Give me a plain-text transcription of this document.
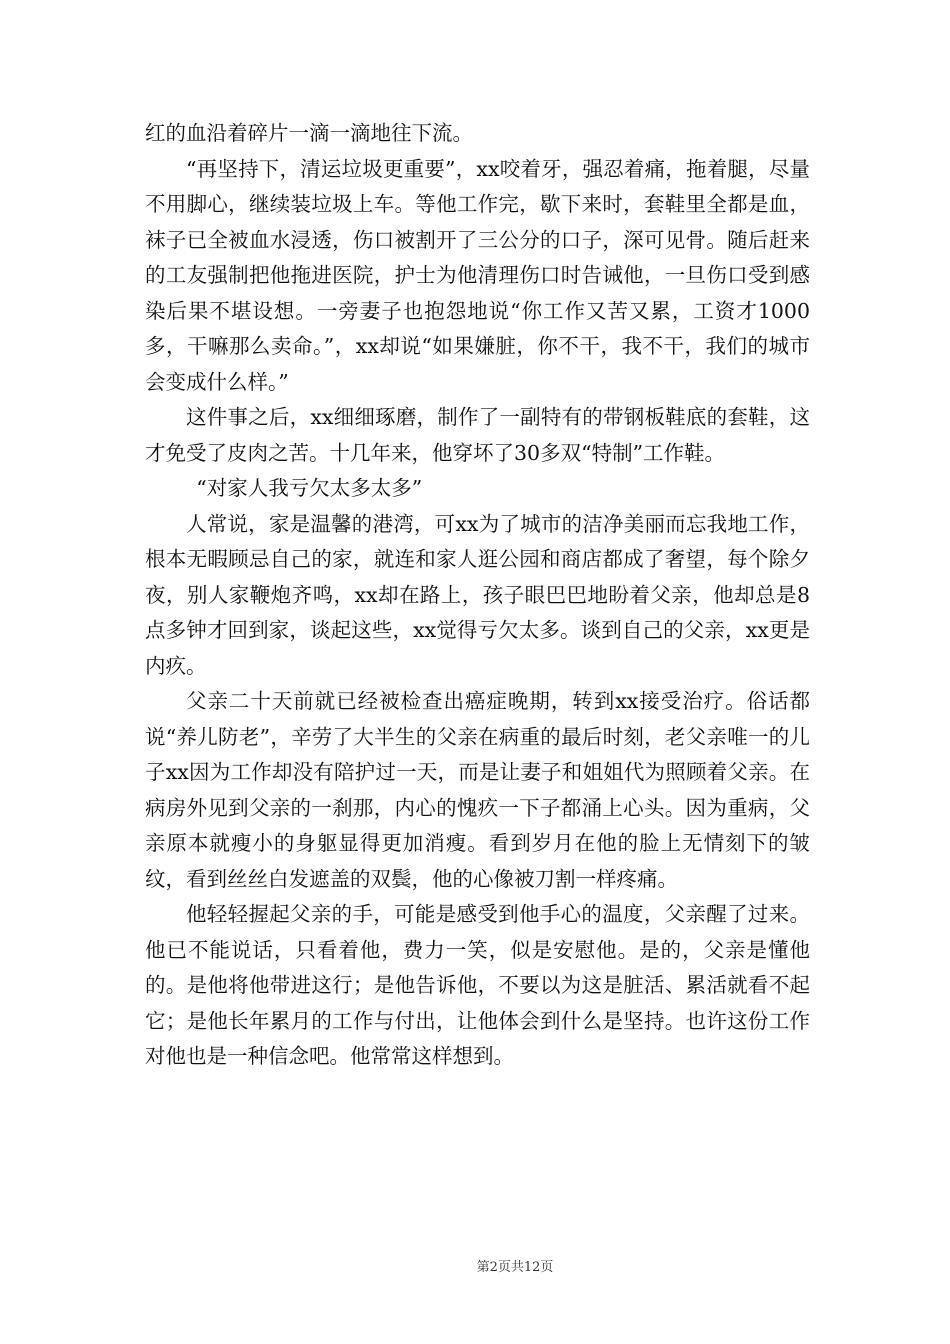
红的血沿着碎片一滴一滴地往下流。

“再坚持下，清运垃圾更重要”，xx咬着牙，强忍着痛，拖着腿，尽量不用脚心，继续装垃圾上车。等他工作完，歇下来时，套鞋里全都是血，袜子已全被血水浸透，伤口被割开了三公分的口子，深可见骨。随后赶来的工友强制把他拖进医院，护士为他清理伤口时告诫他，一旦伤口受到感染后果不堪设想。一旁妻子也抱怨地说“你工作又苦又累，工资才1000多，干嘛那么卖命。”，xx却说“如果嫌脏，你不干，我不干，我们的城市会变成什么样。”

这件事之后，xx细细琢磨，制作了一副特有的带钢板鞋底的套鞋，这才免受了皮肉之苦。十几年来，他穿坏了30多双“特制”工作鞋。

“对家人我亏欠太多太多”

人常说，家是温馨的港湾，可xx为了城市的洁净美丽而忘我地工作，根本无暇顾忌自己的家，就连和家人逛公园和商店都成了奢望，每个除夕夜，别人家鞭炮齐鸣，xx却在路上，孩子眼巴巴地盼着父亲，他却总是8点多钟才回到家，谈起这些，xx觉得亏欠太多。谈到自己的父亲，xx更是内疚。

父亲二十天前就已经被检查出癌症晚期，转到xx接受治疗。俗话都说“养儿防老”，辛劳了大半生的父亲在病重的最后时刻，老父亲唯一的儿子xx因为工作却没有陪护过一天，而是让妻子和姐姐代为照顾着父亲。在病房外见到父亲的一刹那，内心的愧疚一下子都涌上心头。因为重病，父亲原本就瘦小的身躯显得更加消瘦。看到岁月在他的脸上无情刻下的皱纹，看到丝丝白发遮盖的双鬓，他的心像被刀割一样疼痛。

他轻轻握起父亲的手，可能是感受到他手心的温度，父亲醒了过来。他已不能说话，只看着他，费力一笑，似是安慰他。是的，父亲是懂他的。是他将他带进这行；是他告诉他，不要以为这是脏活、累活就看不起它；是他长年累月的工作与付出，让他体会到什么是坚持。也许这份工作对他也是一种信念吧。他常常这样想到。

第2页共12页
